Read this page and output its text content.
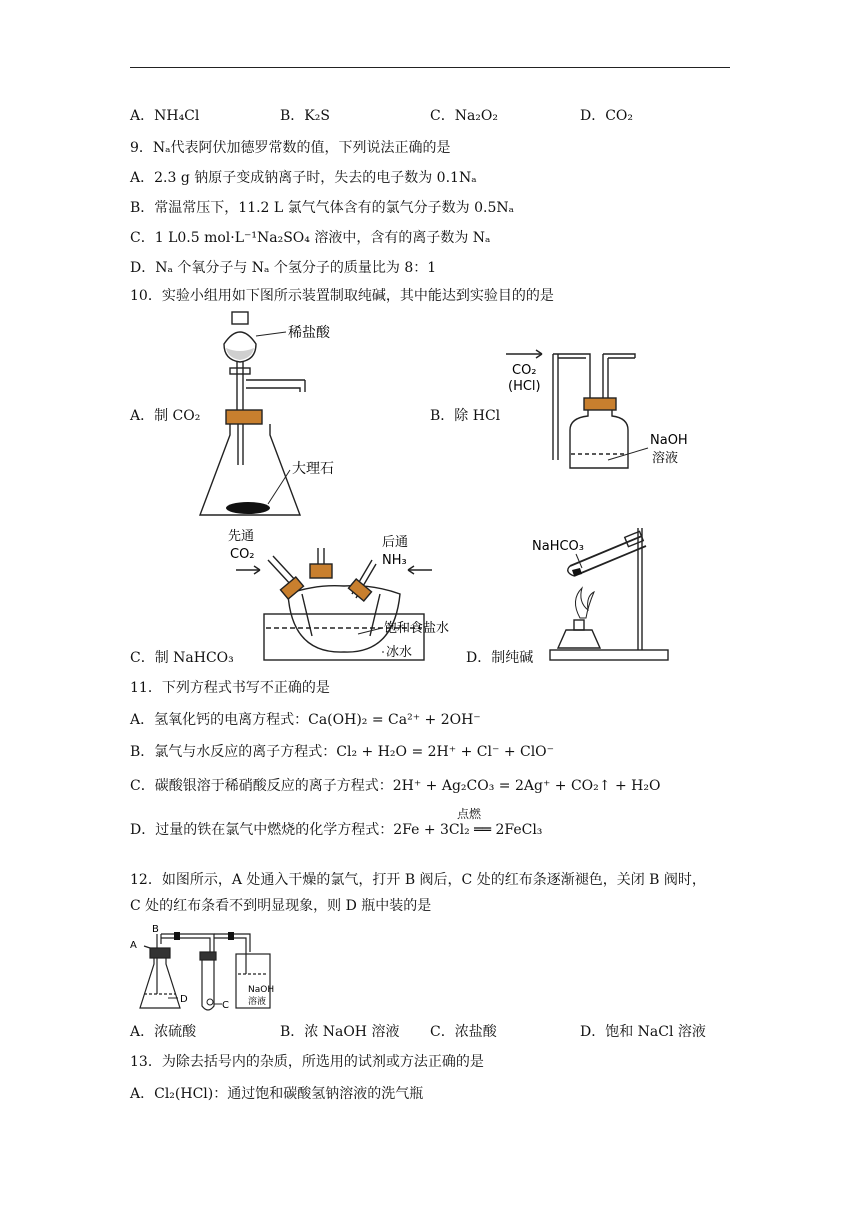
A．NH₄Cl	B．K₂S	C．Na₂O₂	D．CO₂
9．Nₐ代表阿伏加德罗常数的值，下列说法正确的是
A．2.3 g 钠原子变成钠离子时，失去的电子数为 0.1Nₐ
B．常温常压下，11.2 L 氯气气体含有的氯气分子数为 0.5Nₐ
C．1 L0.5 mol·L⁻¹Na₂SO₄ 溶液中，含有的离子数为 Nₐ
D．Nₐ 个氧分子与 Nₐ 个氢分子的质量比为 8：1
10．实验小组用如下图所示装置制取纯碱，其中能达到实验目的的是
稀盐酸
大理石
A．制 CO₂
CO₂
(HCl)
NaOH
溶液
B．除 HCl
先通
CO₂
后通
NH₃
饱和食盐水
冰水
C．制 NaHCO₃
NaHCO₃
D．制纯碱
11．下列方程式书写不正确的是
A．氢氧化钙的电离方程式：Ca(OH)₂ = Ca²⁺ + 2OH⁻
B．氯气与水反应的离子方程式：Cl₂ + H₂O = 2H⁺ + Cl⁻ + ClO⁻
C．碳酸银溶于稀硝酸反应的离子方程式：2H⁺ + Ag₂CO₃ = 2Ag⁺ + CO₂↑ + H₂O
点燃
D．过量的铁在氯气中燃烧的化学方程式：2Fe + 3Cl₂ ══ 2FeCl₃
12．如图所示，A 处通入干燥的氯气，打开 B 阀后，C 处的红布条逐渐褪色，关闭 B 阀时，
C 处的红布条看不到明显现象，则 D 瓶中装的是
A
B
C
D
NaOH
溶液
A．浓硫酸	B．浓 NaOH 溶液 C．浓盐酸	D．饱和 NaCl 溶液
13．为除去括号内的杂质，所选用的试剂或方法正确的是
A．Cl₂(HCl)：通过饱和碳酸氢钠溶液的洗气瓶
